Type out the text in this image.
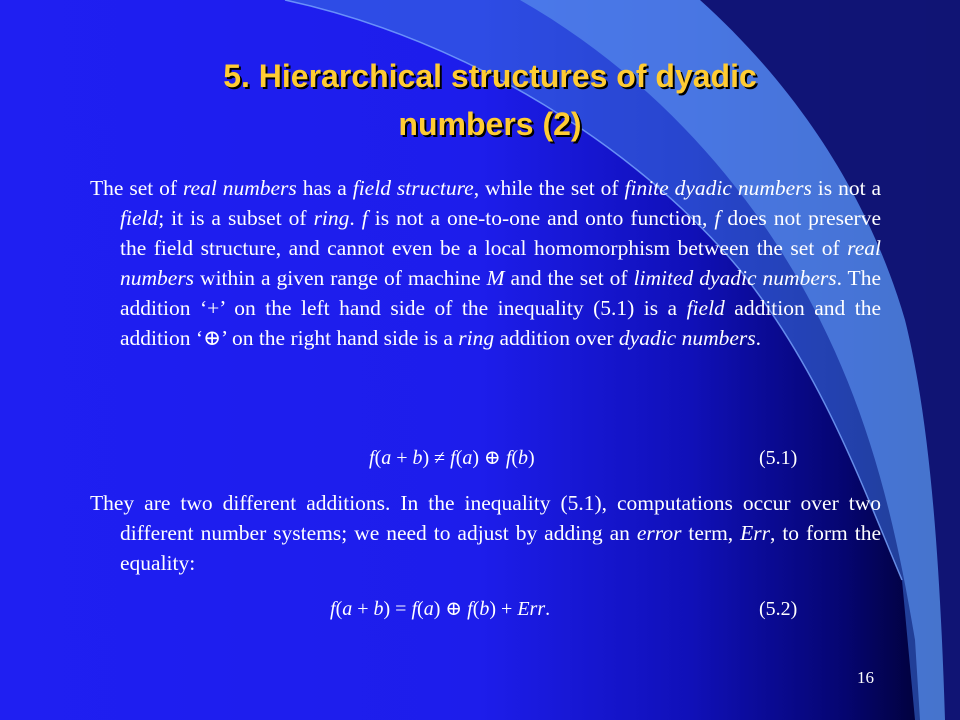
5. Hierarchical structures of dyadic
numbers (2)

The set of real numbers has a field structure, while the set of finite dyadic numbers is not a field; it is a subset of ring. f is not a one-to-one and onto function, f does not preserve the field structure, and cannot even be a local homomorphism between the set of real numbers within a given range of machine M and the set of limited dyadic numbers. The addition ‘+’ on the left hand side of the inequality (5.1) is a field addition and the addition ‘⊕’ on the right hand side is a ring addition over dyadic numbers.

f(a + b) ≠ f(a) ⊕ f(b)	(5.1)

They are two different additions. In the inequality (5.1), computations occur over two different number systems; we need to adjust by adding an error term, Err, to form the equality:

f(a + b) = f(a) ⊕ f(b) + Err.	(5.2)
16
